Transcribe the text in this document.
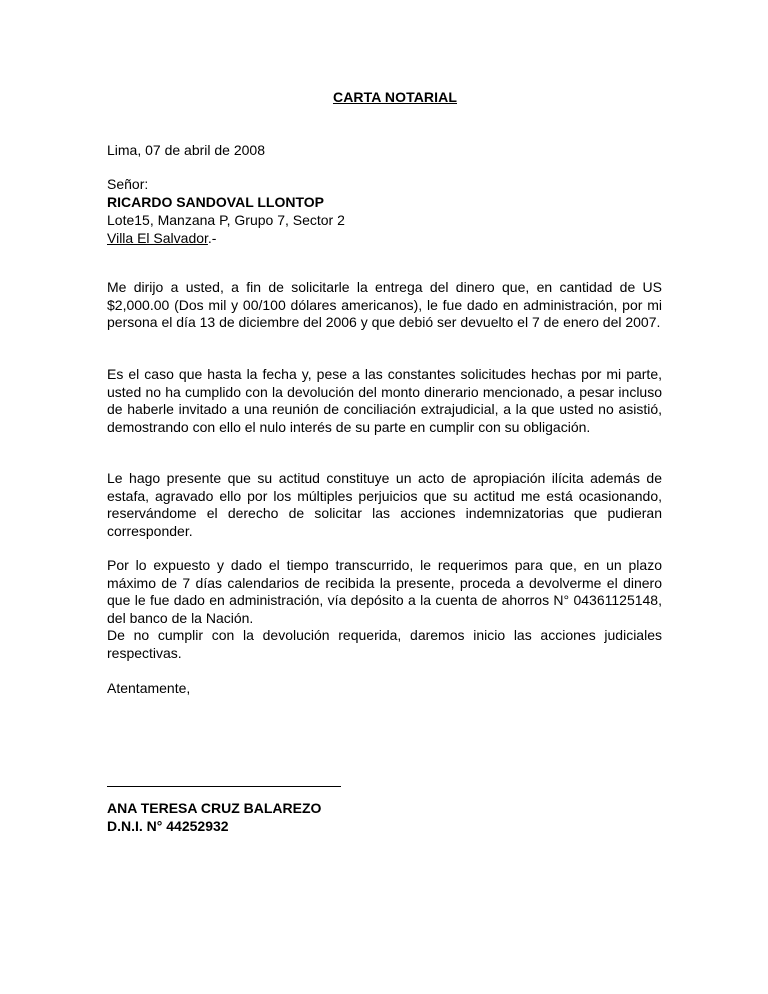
CARTA NOTARIAL
Lima, 07 de abril de 2008
Señor:
RICARDO SANDOVAL LLONTOP
Lote15, Manzana P, Grupo 7, Sector 2
Villa El Salvador.-
Me dirijo a usted, a fin de solicitarle la entrega del dinero que, en cantidad de US $2,000.00 (Dos mil y 00/100 dólares americanos), le fue dado en administración, por mi persona el día 13 de diciembre del 2006 y que debió ser devuelto el 7 de enero del 2007.
Es el caso que hasta la fecha y, pese a las constantes solicitudes hechas por mi parte, usted no ha cumplido con la devolución del monto dinerario mencionado, a pesar incluso de haberle invitado a una reunión de conciliación extrajudicial, a la que usted no asistió, demostrando con ello el nulo interés de su parte en cumplir con su obligación.
Le hago presente que su actitud constituye un acto de apropiación ilícita además de estafa, agravado ello por los múltiples perjuicios que su actitud me está ocasionando, reservándome el derecho de solicitar las acciones indemnizatorias que pudieran corresponder.
Por lo expuesto y dado el tiempo transcurrido, le requerimos para que, en un plazo máximo de 7 días calendarios de recibida la presente, proceda a devolverme el dinero que le fue dado en administración, vía depósito a la cuenta de ahorros N° 04361125148, del banco de la Nación.
De no cumplir con la devolución requerida, daremos inicio las acciones judiciales respectivas.
Atentamente,
ANA TERESA CRUZ BALAREZO
D.N.I. N° 44252932
